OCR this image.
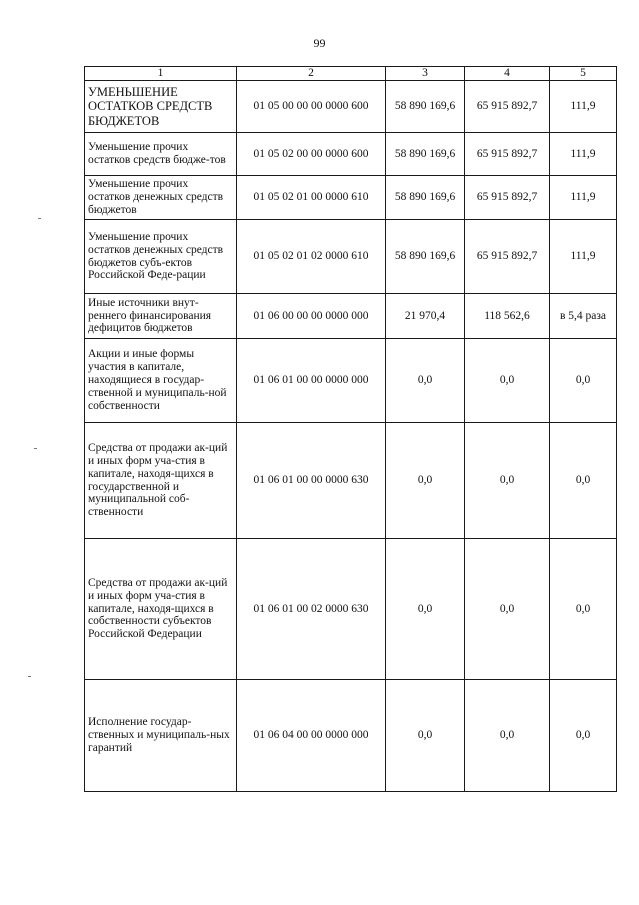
99
1	2	3	4	5
УМЕНЬШЕНИЕ ОСТАТКОВ СРЕДСТВ БЮДЖЕТОВ	01 05 00 00 00 0000 600	58 890 169,6	65 915 892,7	111,9
Уменьшение прочих остатков средств бюдже-тов	01 05 02 00 00 0000 600	58 890 169,6	65 915 892,7	111,9
Уменьшение прочих остатков денежных средств бюджетов	01 05 02 01 00 0000 610	58 890 169,6	65 915 892,7	111,9
Уменьшение прочих остатков денежных средств бюджетов субъ-ектов Российской Феде-рации	01 05 02 01 02 0000 610	58 890 169,6	65 915 892,7	111,9
Иные источники внут-реннего финансирования дефицитов бюджетов	01 06 00 00 00 0000 000	21 970,4	118 562,6	в 5,4 раза
Акции и иные формы участия в капитале, находящиеся в государ-ственной и муниципаль-ной собственности	01 06 01 00 00 0000 000	0,0	0,0	0,0
Средства от продажи ак-ций и иных форм уча-стия в капитале, находя-щихся в государственной и муниципальной соб-ственности	01 06 01 00 00 0000 630	0,0	0,0	0,0
Средства от продажи ак-ций и иных форм уча-стия в капитале, находя-щихся в собственности субъектов Российской Федерации	01 06 01 00 02 0000 630	0,0	0,0	0,0
Исполнение государ-ственных и муниципаль-ных гарантий	01 06 04 00 00 0000 000	0,0	0,0	0,0
